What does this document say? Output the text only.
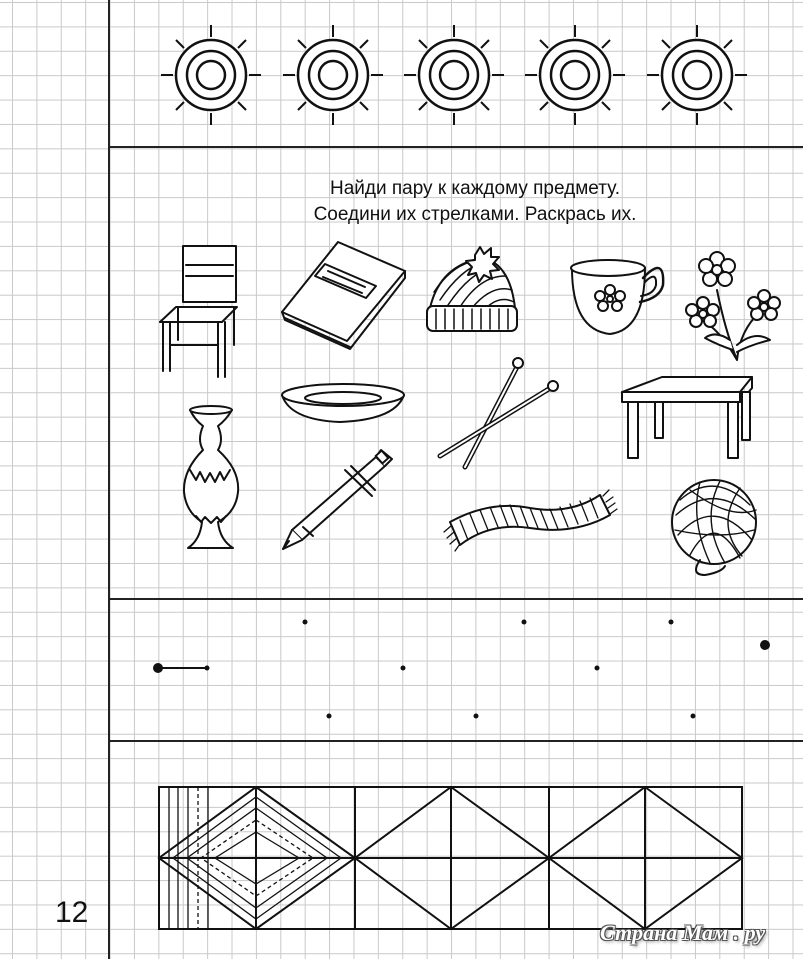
Найди пару к каждому предмету.
Соедини их стрелками. Раскрась их.
12
Страна Мам . ру
